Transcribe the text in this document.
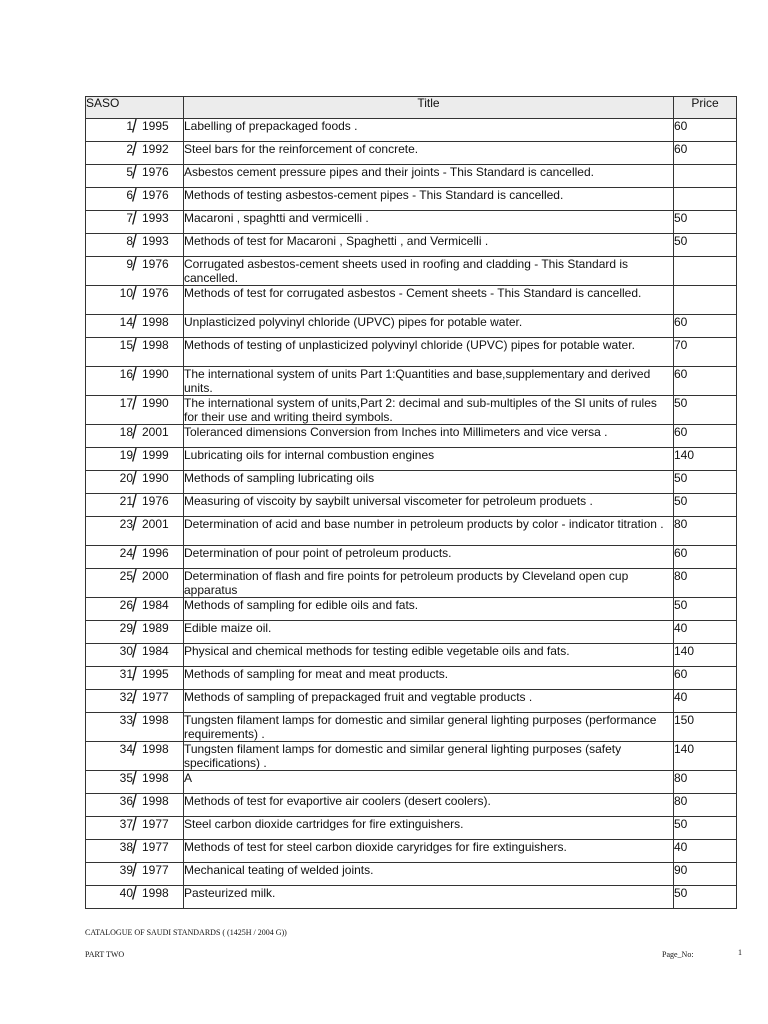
SASO	Title	Price

1 / 1995	Labelling of prepackaged foods .	60

2 / 1992	Steel bars for the reinforcement of concrete.	60

5 / 1976	Asbestos cement pressure pipes and their joints - This Standard is cancelled.	

6 / 1976	Methods of testing asbestos-cement pipes - This Standard is cancelled.	

7 / 1993	Macaroni , spaghtti and vermicelli .	50

8 / 1993	Methods of test for Macaroni , Spaghetti , and Vermicelli .	50

9 / 1976	Corrugated asbestos-cement sheets used in roofing and cladding - This Standard is cancelled.	

10 / 1976	Methods of test for corrugated asbestos - Cement sheets - This Standard is cancelled.	

14 / 1998	Unplasticized polyvinyl chloride (UPVC) pipes for potable water.	60

15 / 1998	Methods of testing of unplasticized polyvinyl chloride (UPVC) pipes for potable water.	70

16 / 1990	The international system of units Part 1:Quantities and base,supplementary and derived units.	60

17 / 1990	The international system of units,Part 2: decimal and sub-multiples of the SI units of rules for their use and writing theird symbols.	50

18 / 2001	Toleranced dimensions Conversion from Inches into Millimeters and vice versa .	60

19 / 1999	Lubricating oils for internal combustion engines	140

20 / 1990	Methods of sampling lubricating oils	50

21 / 1976	Measuring of viscoity by saybilt universal viscometer for petroleum produets .	50

23 / 2001	Determination of acid and base number in petroleum products by color - indicator titration .	80

24 / 1996	Determination of pour point of petroleum products.	60

25 / 2000	Determination of flash and fire points for petroleum products by Cleveland open cup apparatus	80

26 / 1984	Methods of sampling for edible oils and fats.	50

29 / 1989	Edible maize oil.	40

30 / 1984	Physical and chemical methods for testing edible vegetable oils and fats.	140

31 / 1995	Methods of sampling for meat and meat products.	60

32 / 1977	Methods of sampling of prepackaged fruit and vegtable products .	40

33 / 1998	Tungsten filament lamps for domestic and similar general lighting purposes (performance requirements) .	150

34 / 1998	Tungsten filament lamps for domestic and similar general lighting purposes (safety specifications) .	140

35 / 1998	A	80

36 / 1998	Methods of test for evaportive air coolers (desert coolers).	80

37 / 1977	Steel carbon dioxide cartridges for fire extinguishers.	50

38 / 1977	Methods of test for steel carbon dioxide caryridges for fire extinguishers.	40

39 / 1977	Mechanical teating of welded joints.	90

40 / 1998	Pasteurized milk.	50
CATALOGUE OF SAUDI STANDARDS ( (1425H / 2004 G))
PART TWO	Page_No:	1
